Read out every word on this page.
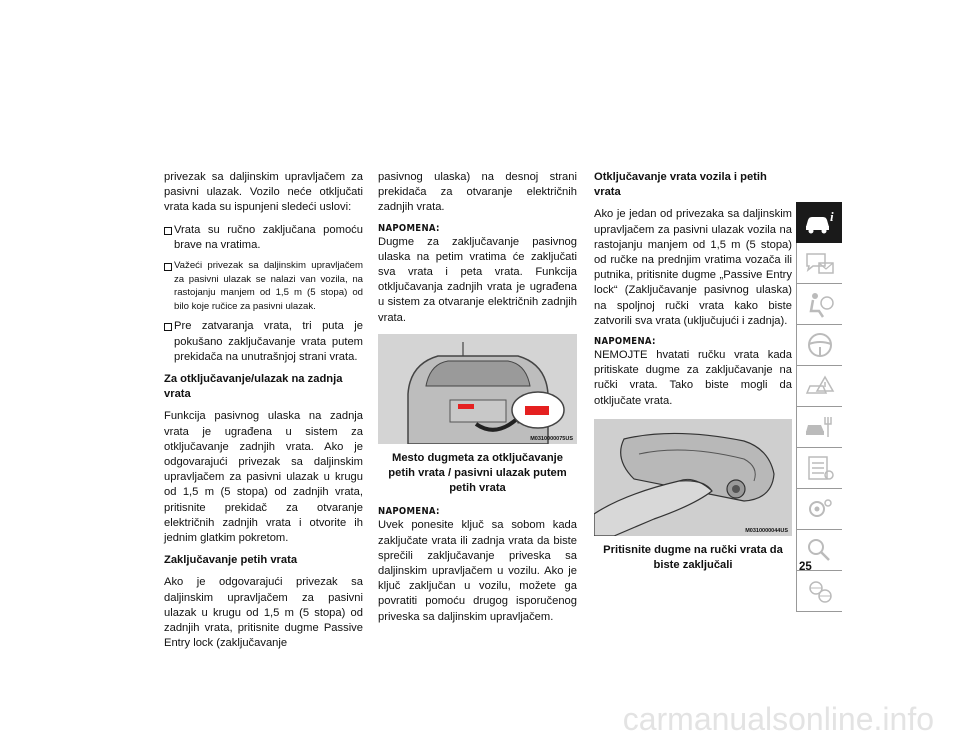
privezak sa daljinskim upravljačem za pasivni ulazak. Vozilo neće otključati vrata kada su ispunjeni sledeći uslovi:

Vrata su ručno zaključana pomoću brave na vratima.
Važeći privezak sa daljinskim upravljačem za pasivni ulazak se nalazi van vozila, na rastojanju manjem od 1,5 m (5 stopa) od bilo koje ručice za pasivni ulazak.
Pre zatvaranja vrata, tri puta je pokušano zaključavanje vrata putem prekidača na unutrašnjoj strani vrata.
Za otključavanje/ulazak na zadnja vrata

Funkcija pasivnog ulaska na zadnja vrata je ugrađena u sistem za otključavanje zadnjih vrata. Ako je odgovarajući privezak sa daljinskim upravljačem za pasivni ulazak u krugu od 1,5 m (5 stopa) od zadnjih vrata, pritisnite prekidač za otvaranje električnih zadnjih vrata i otvorite ih jednim glatkim pokretom.

Zaključavanje petih vrata

Ako je odgovarajući privezak sa daljinskim upravljačem za pasivni ulazak u krugu od 1,5 m (5 stopa) od zadnjih vrata, pritisnite dugme Passive Entry lock (zaključavanje

pasivnog ulaska) na desnoj strani prekidača za otvaranje električnih zadnjih vrata.

NAPOMENA:

Dugme za zaključavanje pasivnog ulaska na petim vratima će zaključati sva vrata i peta vrata. Funkcija otključavanja zadnjih vrata je ugrađena u sistem za otvaranje električnih zadnjih vrata.

M0310000075US
Mesto dugmeta za otključavanje petih vrata / pasivni ulazak putem petih vrata
NAPOMENA:

Uvek ponesite ključ sa sobom kada zaključate vrata ili zadnja vrata da biste sprečili zaključavanje priveska sa daljinskim upravljačem u vozilu. Ako je ključ zaključan u vozilu, možete ga povratiti pomoću drugog isporučenog priveska sa daljinskim upravljačem.

Otključavanje vrata vozila i petih vrata

Ako je jedan od privezaka sa daljinskim upravljačem za pasivni ulazak vozila na rastojanju manjem od 1,5 m (5 stopa) od ručke na prednjim vratima vozača ili putnika, pritisnite dugme „Passive Entry lock“ (Zaključavanje pasivnog ulaska) na spoljnoj ručki vrata kako biste zatvorili sva vrata (uključujući i zadnja).

NAPOMENA:

NEMOJTE hvatati ručku vrata kada pritiskate dugme za zaključavanje na ručki vrata. Tako biste mogli da otključate vrata.

M0310000044US
Pritisnite dugme na ručki vrata da biste zaključali
i
25
carmanualsonline.info
